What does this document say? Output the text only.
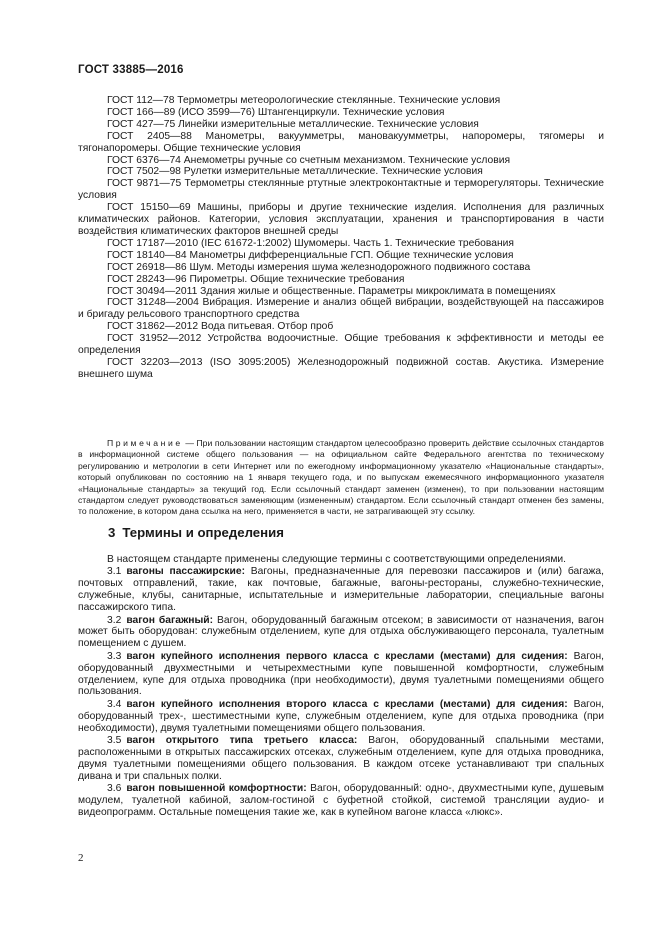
ГОСТ 33885—2016

ГОСТ 112—78 Термометры метеорологические стеклянные. Технические условия

ГОСТ 166—89 (ИСО 3599—76) Штангенциркули. Технические условия

ГОСТ 427—75 Линейки измерительные металлические. Технические условия

ГОСТ 2405—88 Манометры, вакуумметры, мановакуумметры, напоромеры, тягомеры и тягонапоромеры. Общие технические условия

ГОСТ 6376—74 Анемометры ручные со счетным механизмом. Технические условия

ГОСТ 7502—98 Рулетки измерительные металлические. Технические условия

ГОСТ 9871—75 Термометры стеклянные ртутные электроконтактные и терморегуляторы. Технические условия

ГОСТ 15150—69 Машины, приборы и другие технические изделия. Исполнения для различных климатических районов. Категории, условия эксплуатации, хранения и транспортирования в части воздействия климатических факторов внешней среды

ГОСТ 17187—2010 (IEC 61672-1:2002) Шумомеры. Часть 1. Технические требования

ГОСТ 18140—84 Манометры дифференциальные ГСП. Общие технические условия

ГОСТ 26918—86 Шум. Методы измерения шума железнодорожного подвижного состава

ГОСТ 28243—96 Пирометры. Общие технические требования

ГОСТ 30494—2011 Здания жилые и общественные. Параметры микроклимата в помещениях

ГОСТ 31248—2004 Вибрация. Измерение и анализ общей вибрации, воздействующей на пассажиров и бригаду рельсового транспортного средства

ГОСТ 31862—2012 Вода питьевая. Отбор проб

ГОСТ 31952—2012 Устройства водоочистные. Общие требования к эффективности и методы ее определения

ГОСТ 32203—2013 (ISO 3095:2005) Железнодорожный подвижной состав. Акустика. Измерение внешнего шума

Примечание — При пользовании настоящим стандартом целесообразно проверить действие ссылочных стандартов в информационной системе общего пользования — на официальном сайте Федерального агентства по техническому регулированию и метрологии в сети Интернет или по ежегодному информационному указателю «Национальные стандарты», который опубликован по состоянию на 1 января текущего года, и по выпускам ежемесячного информационного указателя «Национальные стандарты» за текущий год. Если ссылочный стандарт заменен (изменен), то при пользовании настоящим стандартом следует руководствоваться заменяющим (измененным) стандартом. Если ссылочный стандарт отменен без замены, то положение, в котором дана ссылка на него, применяется в части, не затрагивающей эту ссылку.

3 Термины и определения

В настоящем стандарте применены следующие термины с соответствующими определениями.

3.1 вагоны пассажирские: Вагоны, предназначенные для перевозки пассажиров и (или) багажа, почтовых отправлений, такие, как почтовые, багажные, вагоны-рестораны, служебно-технические, служебные, клубы, санитарные, испытательные и измерительные лаборатории, специальные вагоны пассажирского типа.

3.2 вагон багажный: Вагон, оборудованный багажным отсеком; в зависимости от назначения, вагон может быть оборудован: служебным отделением, купе для отдыха обслуживающего персонала, туалетным помещением с душем.

3.3 вагон купейного исполнения первого класса с креслами (местами) для сидения: Вагон, оборудованный двухместными и четырехместными купе повышенной комфортности, служебным отделением, купе для отдыха проводника (при необходимости), двумя туалетными помещениями общего пользования.

3.4 вагон купейного исполнения второго класса с креслами (местами) для сидения: Вагон, оборудованный трех-, шестиместными купе, служебным отделением, купе для отдыха проводника (при необходимости), двумя туалетными помещениями общего пользования.

3.5 вагон открытого типа третьего класса: Вагон, оборудованный спальными местами, расположенными в открытых пассажирских отсеках, служебным отделением, купе для отдыха проводника, двумя туалетными помещениями общего пользования. В каждом отсеке устанавливают три спальных дивана и три спальных полки.

3.6 вагон повышенной комфортности: Вагон, оборудованный: одно-, двухместными купе, душевым модулем, туалетной кабиной, залом-гостиной с буфетной стойкой, системой трансляции аудио- и видеопрограмм. Остальные помещения такие же, как в купейном вагоне класса «люкс».

2
